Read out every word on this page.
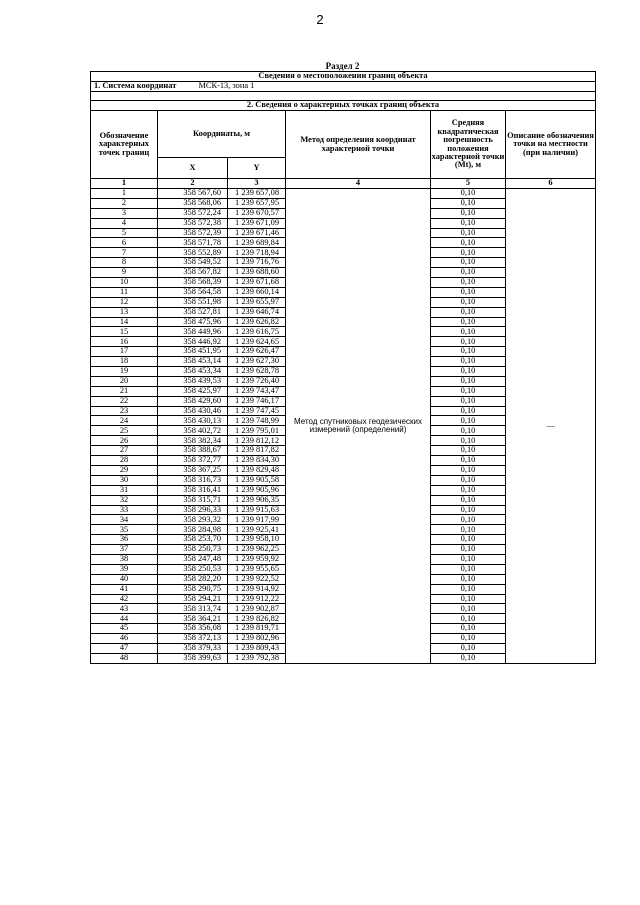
2
Раздел 2
Сведения о местоположении границ объекта					
1. Система координат МСК-13, зона 1					

2. Сведения о характерных точках границ объекта					
Обозначение характерных точек границ	Координаты, м		Метод определения координат характерной точки	Средняя квадратическая погрешность положения характерной точки (Mt), м	Описание обозначения точки на местности (при наличии)
	X	Y			
1	2	3	4	5	6
1	358 567,60	1 239 657,08	Метод спутниковых геодезических измерений (определений)	0,10	—
2	358 568,06	1 239 657,95		0,10	
3	358 572,24	1 239 670,57		0,10	
4	358 572,38	1 239 671,09		0,10	
5	358 572,39	1 239 671,46		0,10	
6	358 571,78	1 239 689,84		0,10	
7	358 552,89	1 239 718,94		0,10	
8	358 549,52	1 239 716,76		0,10	
9	358 567,82	1 239 688,60		0,10	
10	358 568,39	1 239 671,68		0,10	
11	358 564,58	1 239 660,14		0,10	
12	358 551,98	1 239 655,97		0,10	
13	358 527,81	1 239 646,74		0,10	
14	358 475,96	1 239 626,82		0,10	
15	358 449,96	1 239 616,75		0,10	
16	358 446,92	1 239 624,65		0,10	
17	358 451,95	1 239 626,47		0,10	
18	358 453,14	1 239 627,30		0,10	
19	358 453,34	1 239 628,78		0,10	
20	358 439,53	1 239 726,40		0,10	
21	358 425,97	1 239 743,47		0,10	
22	358 429,60	1 239 746,17		0,10	
23	358 430,46	1 239 747,45		0,10	
24	358 430,13	1 239 748,99		0,10	
25	358 402,72	1 239 795,01		0,10	
26	358 382,34	1 239 812,12		0,10	
27	358 388,67	1 239 817,82		0,10	
28	358 372,77	1 239 834,30		0,10	
29	358 367,25	1 239 829,48		0,10	
30	358 316,73	1 239 905,58		0,10	
31	358 316,41	1 239 905,96		0,10	
32	358 315,71	1 239 906,35		0,10	
33	358 296,33	1 239 915,63		0,10	
34	358 293,32	1 239 917,99		0,10	
35	358 284,98	1 239 925,41		0,10	
36	358 253,70	1 239 958,10		0,10	
37	358 250,73	1 239 962,25		0,10	
38	358 247,48	1 239 959,92		0,10	
39	358 250,53	1 239 955,65		0,10	
40	358 282,20	1 239 922,52		0,10	
41	358 290,75	1 239 914,92		0,10	
42	358 294,21	1 239 912,22		0,10	
43	358 313,74	1 239 902,87		0,10	
44	358 364,21	1 239 826,82		0,10	
45	358 356,08	1 239 819,71		0,10	
46	358 372,13	1 239 802,96		0,10	
47	358 379,33	1 239 809,43		0,10	
48	358 399,63	1 239 792,38		0,10	
